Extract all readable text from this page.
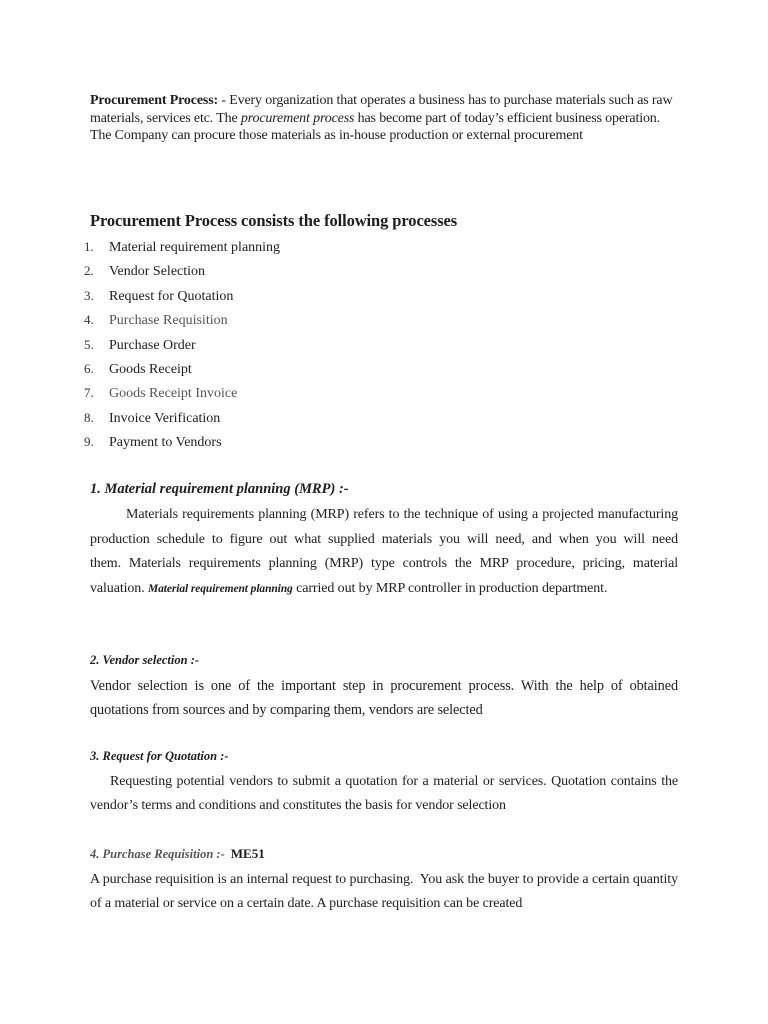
Procurement Process: - Every organization that operates a business has to purchase materials such as raw materials, services etc. The procurement process has become part of today’s efficient business operation. The Company can procure those materials as in-house production or external procurement

Procurement Process consists the following processes
1. Material requirement planning
2. Vendor Selection
3. Request for Quotation
4. Purchase Requisition
5. Purchase Order
6. Goods Receipt
7. Goods Receipt Invoice
8. Invoice Verification
9. Payment to Vendors
1. Material requirement planning (MRP) :-

Materials requirements planning (MRP) refers to the technique of using a projected manufacturing production schedule to figure out what supplied materials you will need, and when you will need them. Materials requirements planning (MRP) type controls the MRP procedure, pricing, material valuation. Material requirement planning carried out by MRP controller in production department.

2. Vendor selection :-

Vendor selection is one of the important step in procurement process. With the help of obtained quotations from sources and by comparing them, vendors are selected

3. Request for Quotation :-

Requesting potential vendors to submit a quotation for a material or services. Quotation contains the vendor’s terms and conditions and constitutes the basis for vendor selection

4. Purchase Requisition :- ME51

A purchase requisition is an internal request to purchasing.  You ask the buyer to provide a certain quantity of a material or service on a certain date. A purchase requisition can be created
